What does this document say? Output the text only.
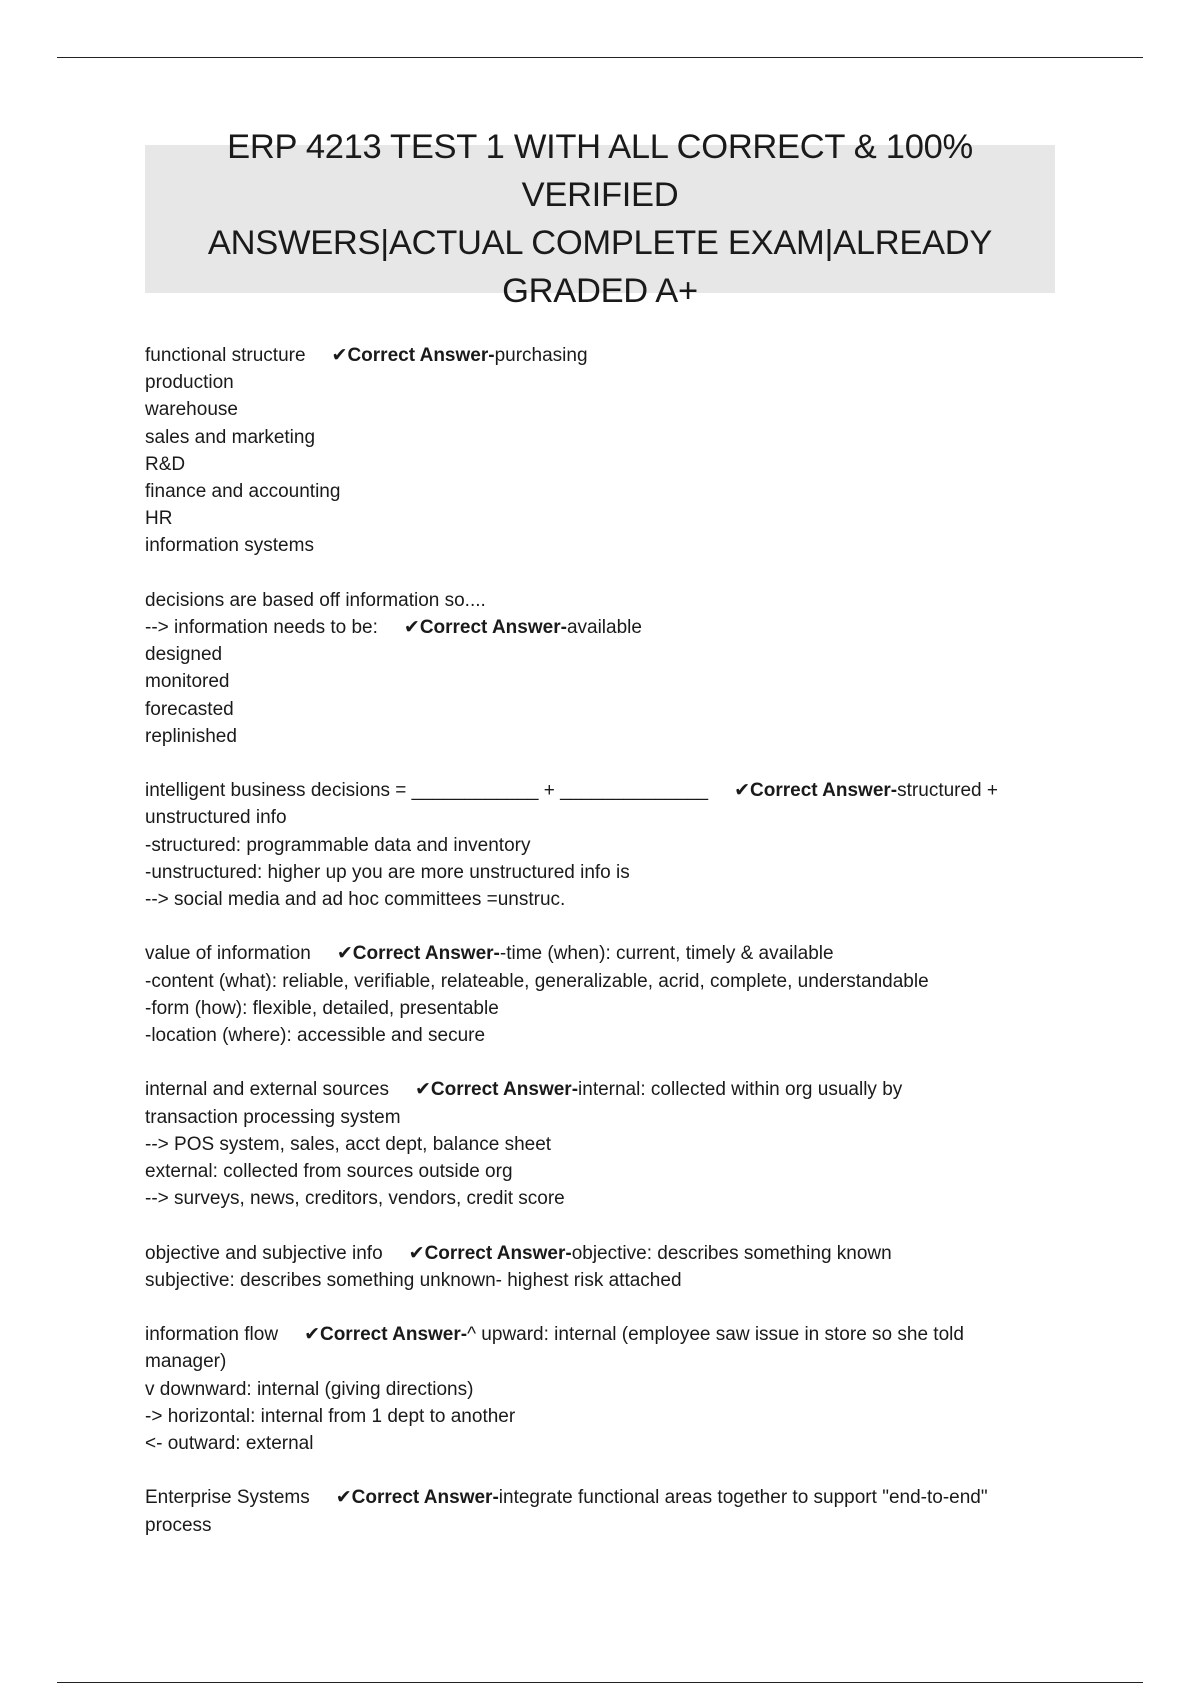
ERP 4213 TEST 1 WITH ALL CORRECT & 100% VERIFIED
ANSWERS|ACTUAL COMPLETE EXAM|ALREADY
GRADED A+
functional structure ✔Correct Answer-purchasing
production
warehouse
sales and marketing
R&D
finance and accounting
HR
information systems
decisions are based off information so....
--> information needs to be: ✔Correct Answer-available
designed
monitored
forecasted
replinished
intelligent business decisions = ____________ + ______________ ✔Correct Answer-structured +
unstructured info
-structured: programmable data and inventory
-unstructured: higher up you are more unstructured info is
--> social media and ad hoc committees =unstruc.
value of information ✔Correct Answer--time (when): current, timely & available
-content (what): reliable, verifiable, relateable, generalizable, acrid, complete, understandable
-form (how): flexible, detailed, presentable
-location (where): accessible and secure
internal and external sources ✔Correct Answer-internal: collected within org usually by
transaction processing system
--> POS system, sales, acct dept, balance sheet
external: collected from sources outside org
--> surveys, news, creditors, vendors, credit score
objective and subjective info ✔Correct Answer-objective: describes something known
subjective: describes something unknown- highest risk attached
information flow ✔Correct Answer-^ upward: internal (employee saw issue in store so she told
manager)
v downward: internal (giving directions)
-> horizontal: internal from 1 dept to another
<- outward: external
Enterprise Systems ✔Correct Answer-integrate functional areas together to support "end-to-end"
process
